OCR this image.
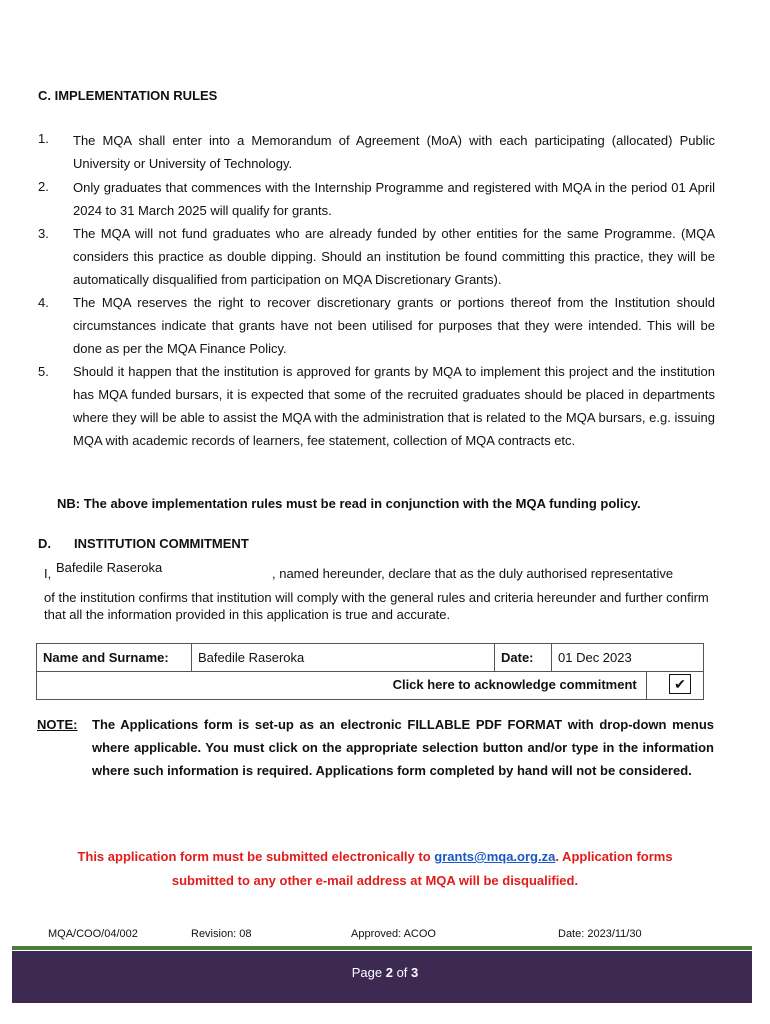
C. IMPLEMENTATION RULES
1. The MQA shall enter into a Memorandum of Agreement (MoA) with each participating (allocated) Public University or University of Technology.
2. Only graduates that commences with the Internship Programme and registered with MQA in the period 01 April 2024 to 31 March 2025 will qualify for grants.
3. The MQA will not fund graduates who are already funded by other entities for the same Programme. (MQA considers this practice as double dipping. Should an institution be found committing this practice, they will be automatically disqualified from participation on MQA Discretionary Grants).
4. The MQA reserves the right to recover discretionary grants or portions thereof from the Institution should circumstances indicate that grants have not been utilised for purposes that they were intended. This will be done as per the MQA Finance Policy.
5. Should it happen that the institution is approved for grants by MQA to implement this project and the institution has MQA funded bursars, it is expected that some of the recruited graduates should be placed in departments where they will be able to assist the MQA with the administration that is related to the MQA bursars, e.g. issuing MQA with academic records of learners, fee statement, collection of MQA contracts etc.
NB: The above implementation rules must be read in conjunction with the MQA funding policy.
D. INSTITUTION COMMITMENT
I, Bafedile Raseroka	, named hereunder, declare that as the duly authorised representative
of the institution confirms that institution will comply with the general rules and criteria hereunder and further confirm that all the information provided in this application is true and accurate.
Name and Surname:	Bafedile Raseroka	Date:	01 Dec 2023
Click here to acknowledge commitment	✔
NOTE: The Applications form is set-up as an electronic FILLABLE PDF FORMAT with drop-down menus where applicable. You must click on the appropriate selection button and/or type in the information where such information is required. Applications form completed by hand will not be considered.
This application form must be submitted electronically to grants@mqa.org.za. Application forms
submitted to any other e-mail address at MQA will be disqualified.
MQA/COO/04/002	Revision: 08	Approved: ACOO	Date: 2023/11/30
Page 2 of 3
